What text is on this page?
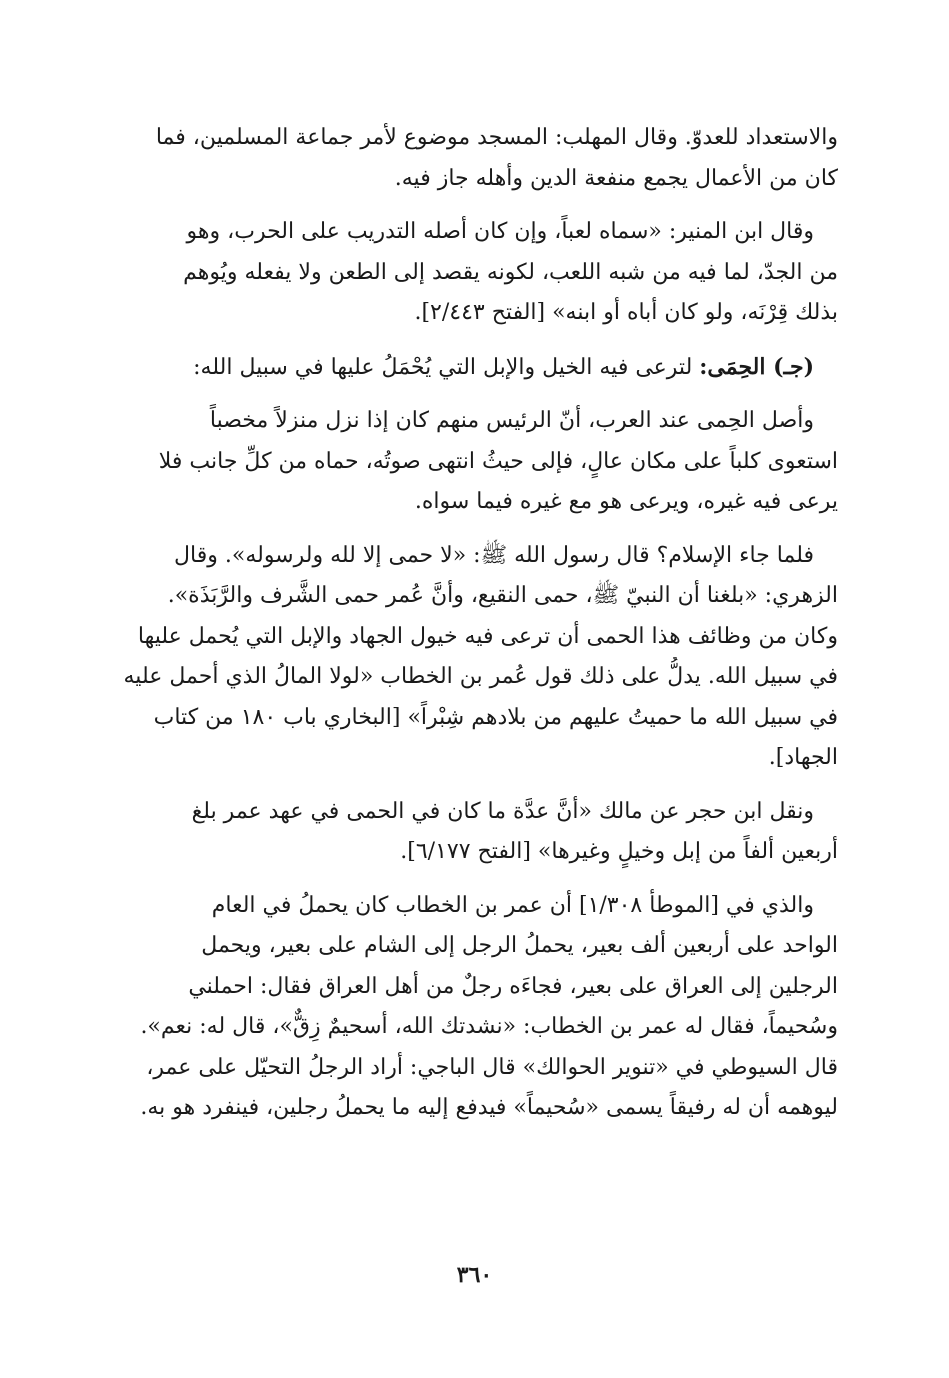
والاستعداد للعدوّ. وقال المهلب: المسجد موضوع لأمر جماعة المسلمين، فما
كان من الأعمال يجمع منفعة الدين وأهله جاز فيه.

وقال ابن المنير: «سماه لعباً، وإن كان أصله التدريب على الحرب، وهو
من الجدّ، لما فيه من شبه اللعب، لكونه يقصد إلى الطعن ولا يفعله ويُوهم
بذلك قِرْنَه، ولو كان أباه أو ابنه» [الفتح ٢/٤٤٣].

(جـ) الحِمَى: لترعى فيه الخيل والإبل التي يُحْمَلُ عليها في سبيل الله:

وأصل الحِمى عند العرب، أنّ الرئيس منهم كان إذا نزل منزلاً مخصباً
استعوى كلباً على مكان عالٍ، فإلى حيثُ انتهى صوتُه، حماه من كلِّ جانب فلا
يرعى فيه غيره، ويرعى هو مع غيره فيما سواه.

فلما جاء الإسلام؟ قال رسول الله ﷺ: «لا حمى إلا لله ولرسوله». وقال
الزهري: «بلغنا أن النبيّ ﷺ، حمى النقيع، وأنَّ عُمر حمى الشَّرف والرَّبَذَة».
وكان من وظائف هذا الحمى أن ترعى فيه خيول الجهاد والإبل التي يُحمل عليها
في سبيل الله. يدلُّ على ذلك قول عُمر بن الخطاب «لولا المالُ الذي أحمل عليه
في سبيل الله ما حميتُ عليهم من بلادهم شِبْراً» [البخاري باب ١٨٠ من كتاب
الجهاد].

ونقل ابن حجر عن مالك «أنَّ عدَّة ما كان في الحمى في عهد عمر بلغ
أربعين ألفاً من إبل وخيلٍ وغيرها» [الفتح ٦/١٧٧].

والذي في [الموطأ ١/٣٠٨] أن عمر بن الخطاب كان يحملُ في العام
الواحد على أربعين ألف بعير، يحملُ الرجل إلى الشام على بعير، ويحمل
الرجلين إلى العراق على بعير، فجاءَه رجلٌ من أهل العراق فقال: احملني
وسُحيماً، فقال له عمر بن الخطاب: «نشدتك الله، أسحيمٌ زِقٌّ»، قال له: نعم».
قال السيوطي في «تنوير الحوالك» قال الباجي: أراد الرجلُ التحيّل على عمر،
ليوهمه أن له رفيقاً يسمى «سُحيماً» فيدفع إليه ما يحملُ رجلين، فينفرد هو به.

٣٦٠
